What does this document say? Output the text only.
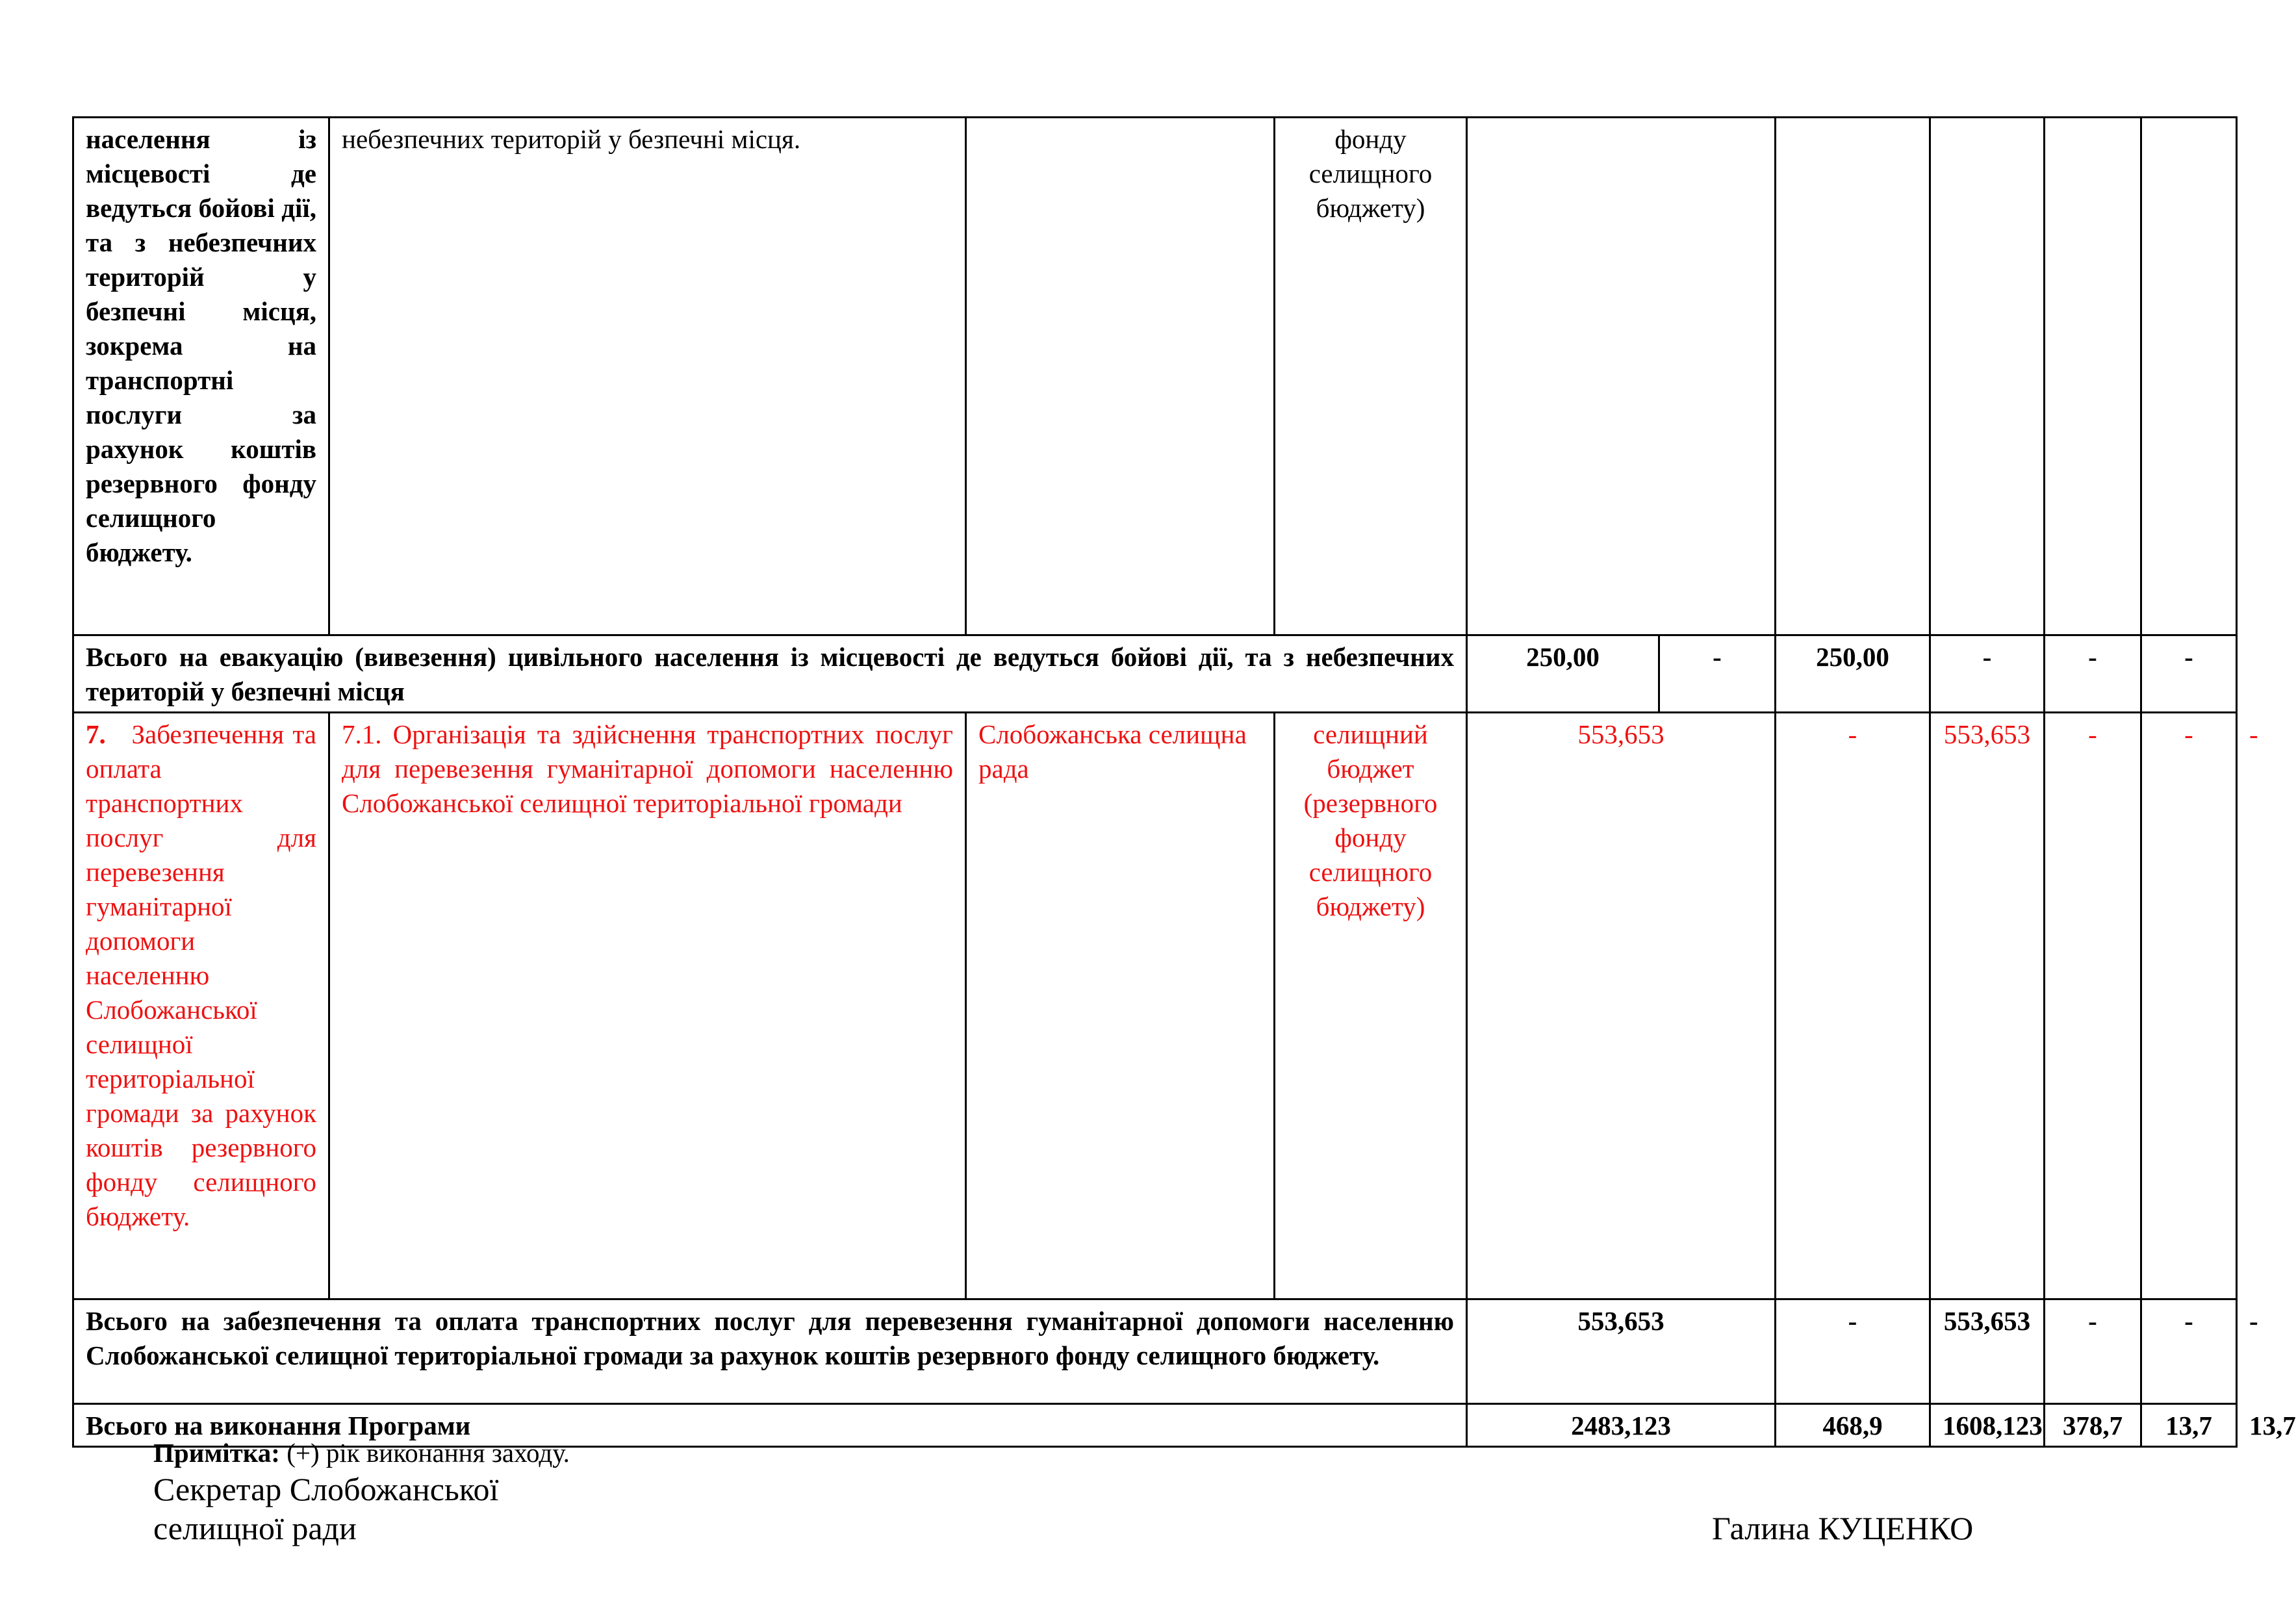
населення із місцевості де ведуться бойові дії, та з небезпечних територій у безпечні місця, зокрема на транспортні послуги за рахунок коштів резервного фонду селищного бюджету.	небезпечних територій у безпечні місця.		фонду селищного бюджету)							
Всього на евакуацію (вивезення) цивільного населення із місцевості де ведуться бойові дії, та з небезпечних територій у безпечні місця				250,00	-	250,00	-	-	-	
7. Забезпечення та оплата транспортних послуг для перевезення гуманітарної допомоги населенню Слобожанської селищної територіальної громади за рахунок коштів резервного фонду селищного бюджету.	7.1. Організація та здійснення транспортних послуг для перевезення гуманітарної допомоги населенню Слобожанської селищної територіальної громади	Слобожанська селищна рада	селищний бюджет (резервного фонду селищного бюджету)	553,653		-	553,653	-	-	-
Всього на забезпечення та оплата транспортних послуг для перевезення гуманітарної допомоги населенню Слобожанської селищної територіальної громади за рахунок коштів резервного фонду селищного бюджету.				553,653		-	553,653	-	-	-
Всього на виконання Програми				2483,123		468,9	1608,123	378,7	13,7	13,7
Примітка: (+) рік виконання заходу.
Секретар Слобожанської
селищної ради	Галина КУЦЕНКО
